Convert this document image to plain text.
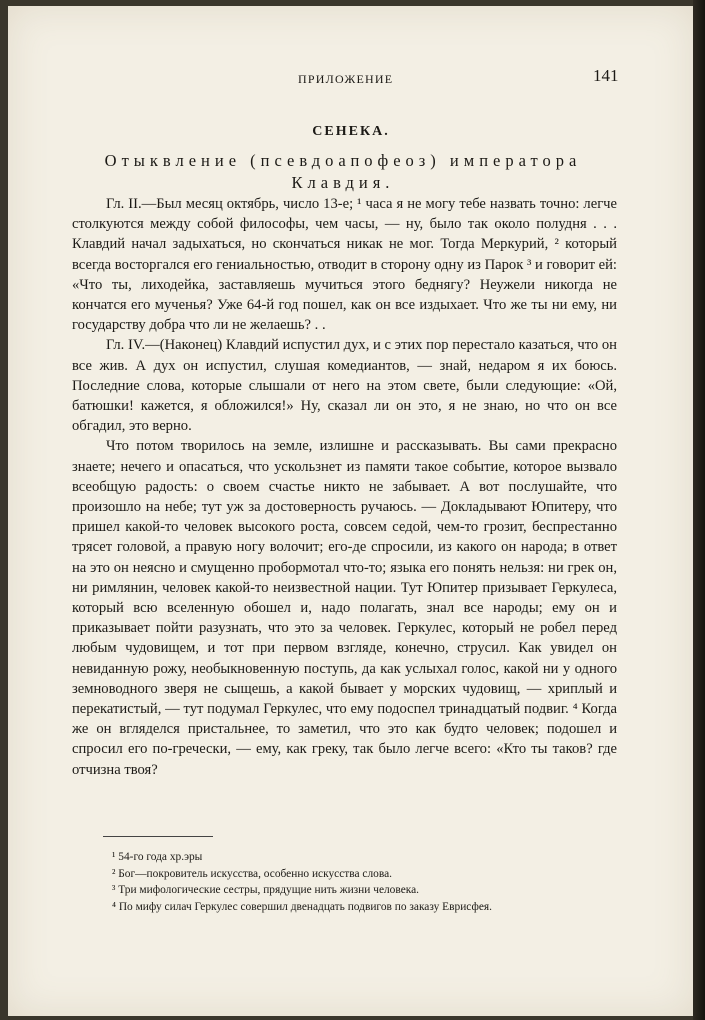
ПРИЛОЖЕНИЕ	141
СЕНЕКА.
Отыквление (псевдоапофеоз) императора
Клавдия.

Гл. II.—Был месяц октябрь, число 13-е; ¹ часа я не могу тебе назвать точно: легче столкуются между собой философы, чем часы, — ну, было так около полудня . . . Клавдий начал задыхаться, но скончаться никак не мог. Тогда Меркурий, ² который всегда восторгался его гениальностью, отводит в сторону одну из Парок ³ и говорит ей: «Что ты, лиходейка, заставляешь мучиться этого беднягу? Неужели никогда не кончатся его мученья? Уже 64-й год пошел, как он все издыхает. Что же ты ни ему, ни государству добра что ли не желаешь? . .

Гл. IV.—(Наконец) Клавдий испустил дух, и с этих пор перестало казаться, что он все жив. А дух он испустил, слушая комедиантов, — знай, недаром я их боюсь. Последние слова, которые слышали от него на этом свете, были следующие: «Ой, батюшки! кажется, я обложился!» Ну, сказал ли он это, я не знаю, но что он все обгадил, это верно.

Что потом творилось на земле, излишне и рассказывать. Вы сами прекрасно знаете; нечего и опасаться, что ускользнет из памяти такое событие, которое вызвало всеобщую радость: о своем счастье никто не забывает. А вот послушайте, что произошло на небе; тут уж за достоверность ручаюсь. — Докладывают Юпитеру, что пришел какой-то человек высокого роста, совсем седой, чем-то грозит, беспрестанно трясет головой, а правую ногу волочит; его-де спросили, из какого он народа; в ответ на это он неясно и смущенно пробормотал что-то; языка его понять нельзя: ни грек он, ни римлянин, человек какой-то неизвестной нации. Тут Юпитер призывает Геркулеса, который всю вселенную обошел и, надо полагать, знал все народы; ему он и приказывает пойти разузнать, что это за человек. Геркулес, который не робел перед любым чудовищем, и тот при первом взгляде, конечно, струсил. Как увидел он невиданную рожу, необыкновенную поступь, да как услыхал голос, какой ни у одного земноводного зверя не сыщешь, а какой бывает у морских чудовищ, — хриплый и перекатистый, — тут подумал Геркулес, что ему подоспел тринадцатый подвиг. ⁴ Когда же он вгляделся пристальнее, то заметил, что это как будто человек; подошел и спросил его по-гречески, — ему, как греку, так было легче всего: «Кто ты таков? где отчизна твоя?

¹ 54-го года хр.эры
² Бог—покровитель искусства, особенно искусства слова.
³ Три мифологические сестры, прядущие нить жизни человека.
⁴ По мифу силач Геркулес совершил двенадцать подвигов по заказу Еврисфея.
